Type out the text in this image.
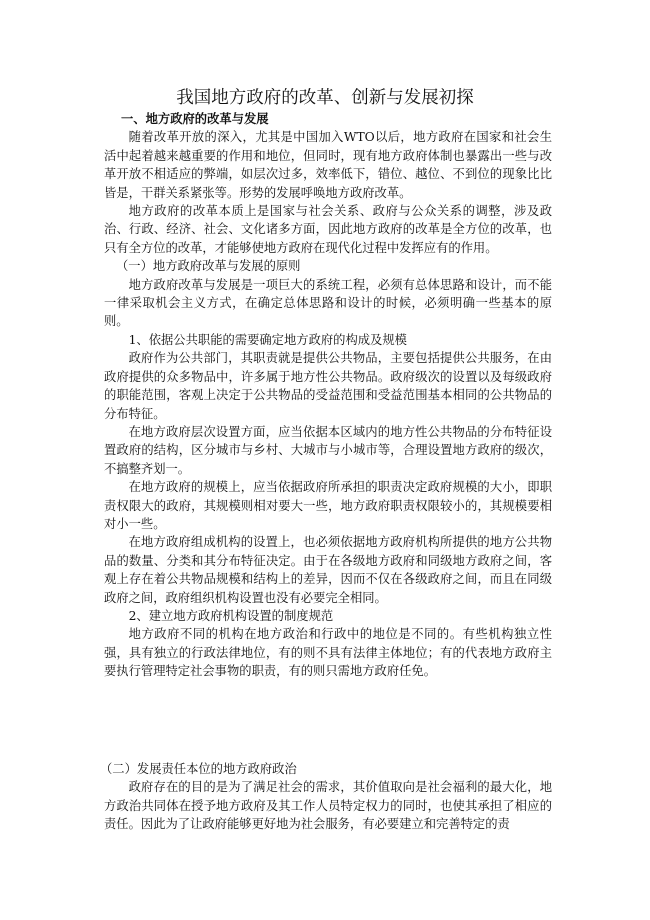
我国地方政府的改革、创新与发展初探
一、地方政府的改革与发展

随着改革开放的深入，尤其是中国加入WTO以后，地方政府在国家和社会生活中起着越来越重要的作用和地位，但同时，现有地方政府体制也暴露出一些与改革开放不相适应的弊端，如层次过多，效率低下，错位、越位、不到位的现象比比皆是，干群关系紧张等。形势的发展呼唤地方政府改革。

地方政府的改革本质上是国家与社会关系、政府与公众关系的调整，涉及政治、行政、经济、社会、文化诸多方面，因此地方政府的改革是全方位的改革，也只有全方位的改革，才能够使地方政府在现代化过程中发挥应有的作用。

（一）地方政府改革与发展的原则

地方政府改革与发展是一项巨大的系统工程，必须有总体思路和设计，而不能一律采取机会主义方式，在确定总体思路和设计的时候，必须明确一些基本的原则。

1、依据公共职能的需要确定地方政府的构成及规模

政府作为公共部门，其职责就是提供公共物品，主要包括提供公共服务，在由政府提供的众多物品中，许多属于地方性公共物品。政府级次的设置以及每级政府的职能范围，客观上决定于公共物品的受益范围和受益范围基本相同的公共物品的分布特征。

在地方政府层次设置方面，应当依据本区域内的地方性公共物品的分布特征设置政府的结构，区分城市与乡村、大城市与小城市等，合理设置地方政府的级次，不搞整齐划一。

在地方政府的规模上，应当依据政府所承担的职责决定政府规模的大小，即职责权限大的政府，其规模则相对要大一些，地方政府职责权限较小的，其规模要相对小一些。

在地方政府组成机构的设置上，也必须依据地方政府机构所提供的地方公共物品的数量、分类和其分布特征决定。由于在各级地方政府和同级地方政府之间，客观上存在着公共物品规模和结构上的差异，因而不仅在各级政府之间，而且在同级政府之间，政府组织机构设置也没有必要完全相同。

2、建立地方政府机构设置的制度规范

地方政府不同的机构在地方政治和行政中的地位是不同的。有些机构独立性强，具有独立的行政法律地位，有的则不具有法律主体地位；有的代表地方政府主要执行管理特定社会事物的职责，有的则只需地方政府任免。

（二）发展责任本位的地方政府政治

政府存在的目的是为了满足社会的需求，其价值取向是社会福利的最大化，地方政治共同体在授予地方政府及其工作人员特定权力的同时，也使其承担了相应的责任。因此为了让政府能够更好地为社会服务，有必要建立和完善特定的责
